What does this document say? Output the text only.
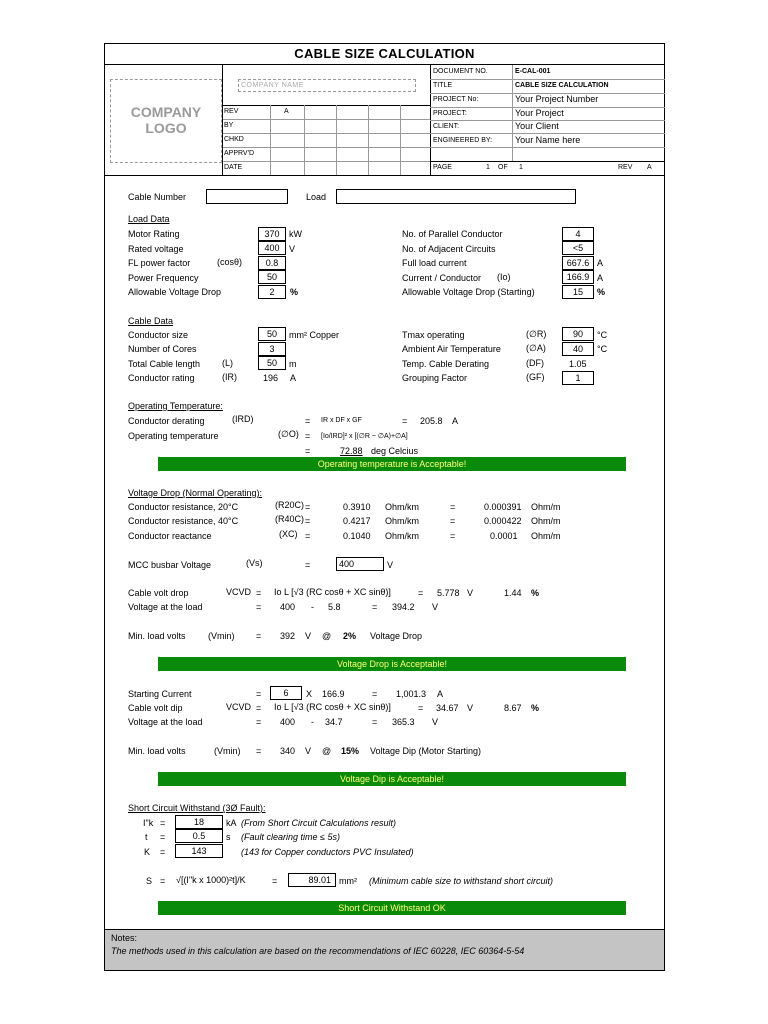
CABLE SIZE CALCULATION
COMPANY
LOGO
COMPANY NAME
REV	A
BY
CHKD
APPRV'D
DATE
DOCUMENT NO.	E-CAL-001
TITLE	CABLE SIZE CALCULATION
PROJECT No:	Your Project Number
PROJECT:	Your Project
CLIENT:	Your Client
ENGINEERED BY:	Your Name here
PAGE	1 OF 1	REV A
Cable Number	Load
Load Data
Motor Rating	370	kW
Rated voltage	400	V
FL power factor	(cosθ)	0.8
Power Frequency	50
Allowable Voltage Drop	2	%
No. of Parallel Conductor	4
No. of Adjacent Circuits	<5
Full load current	667.6 A
Current / Conductor (Io)	166.9 A
Allowable Voltage Drop (Starting)	15	%
Cable Data
Conductor size	50	mm² Copper
Number of Cores	3
Total Cable length (L)	50	m
Conductor rating	(IR)	196 A
Tmax operating	(∅R)	90	°C
Ambient Air Temperature	(∅A)	40	°C
Temp. Cable Derating	(DF)	1.05
Grouping Factor	(GF)	1
Operating Temperature:
Conductor derating	(IRD)	= IR x DF x GF	= 205.8 A
Operating temperature	(∅O) = [Io/IRD]² x [(∅R − ∅A)+∅A]
=	72.88 deg Celcius
Operating temperature is Acceptable!
Voltage Drop (Normal Operating):
Conductor resistance, 20°C	(R20C) =	0.3910 Ohm/km	=	0.000391 Ohm/m
Conductor resistance, 40°C	(R40C) =	0.4217 Ohm/km	=	0.000422 Ohm/m
Conductor reactance	(XC) =	0.1040 Ohm/km	=	0.0001 Ohm/m
MCC busbar Voltage	(Vs)	=	400	V
Cable volt drop	VCVD = Io L [√3 (RC cosθ + XC sinθ)]	= 5.778 V	1.44 %
Voltage at the load	= 400 - 5.8	= 394.2 V
Min. load volts (Vmin) = 392 V @ 2% Voltage Drop
Voltage Drop is Acceptable!
Starting Current	=	6	X 166.9	= 1,001.3 A
Cable volt dip	VCVD = Io L [√3 (RC cosθ + XC sinθ)]	= 34.67 V	8.67 %
Voltage at the load	= 400 - 34.7	= 365.3 V
Min. load volts	(Vmin) = 340 V @ 15% Voltage Dip (Motor Starting)
Voltage Dip is Acceptable!
Short Circuit Withstand (3Ø Fault):
I"k =	18	kA (From Short Circuit Calculations result)
t =	0.5	s (Fault clearing time ≤ 5s)
K =	143	(143 for Copper conductors PVC Insulated)
S = √[(I"k x 1000)²t]/K	=	89.01 mm² (Minimum cable size to withstand short circuit)
Short Circuit Withstand OK
Notes:
The methods used in this calculation are based on the recommendations of IEC 60228, IEC 60364-5-54
